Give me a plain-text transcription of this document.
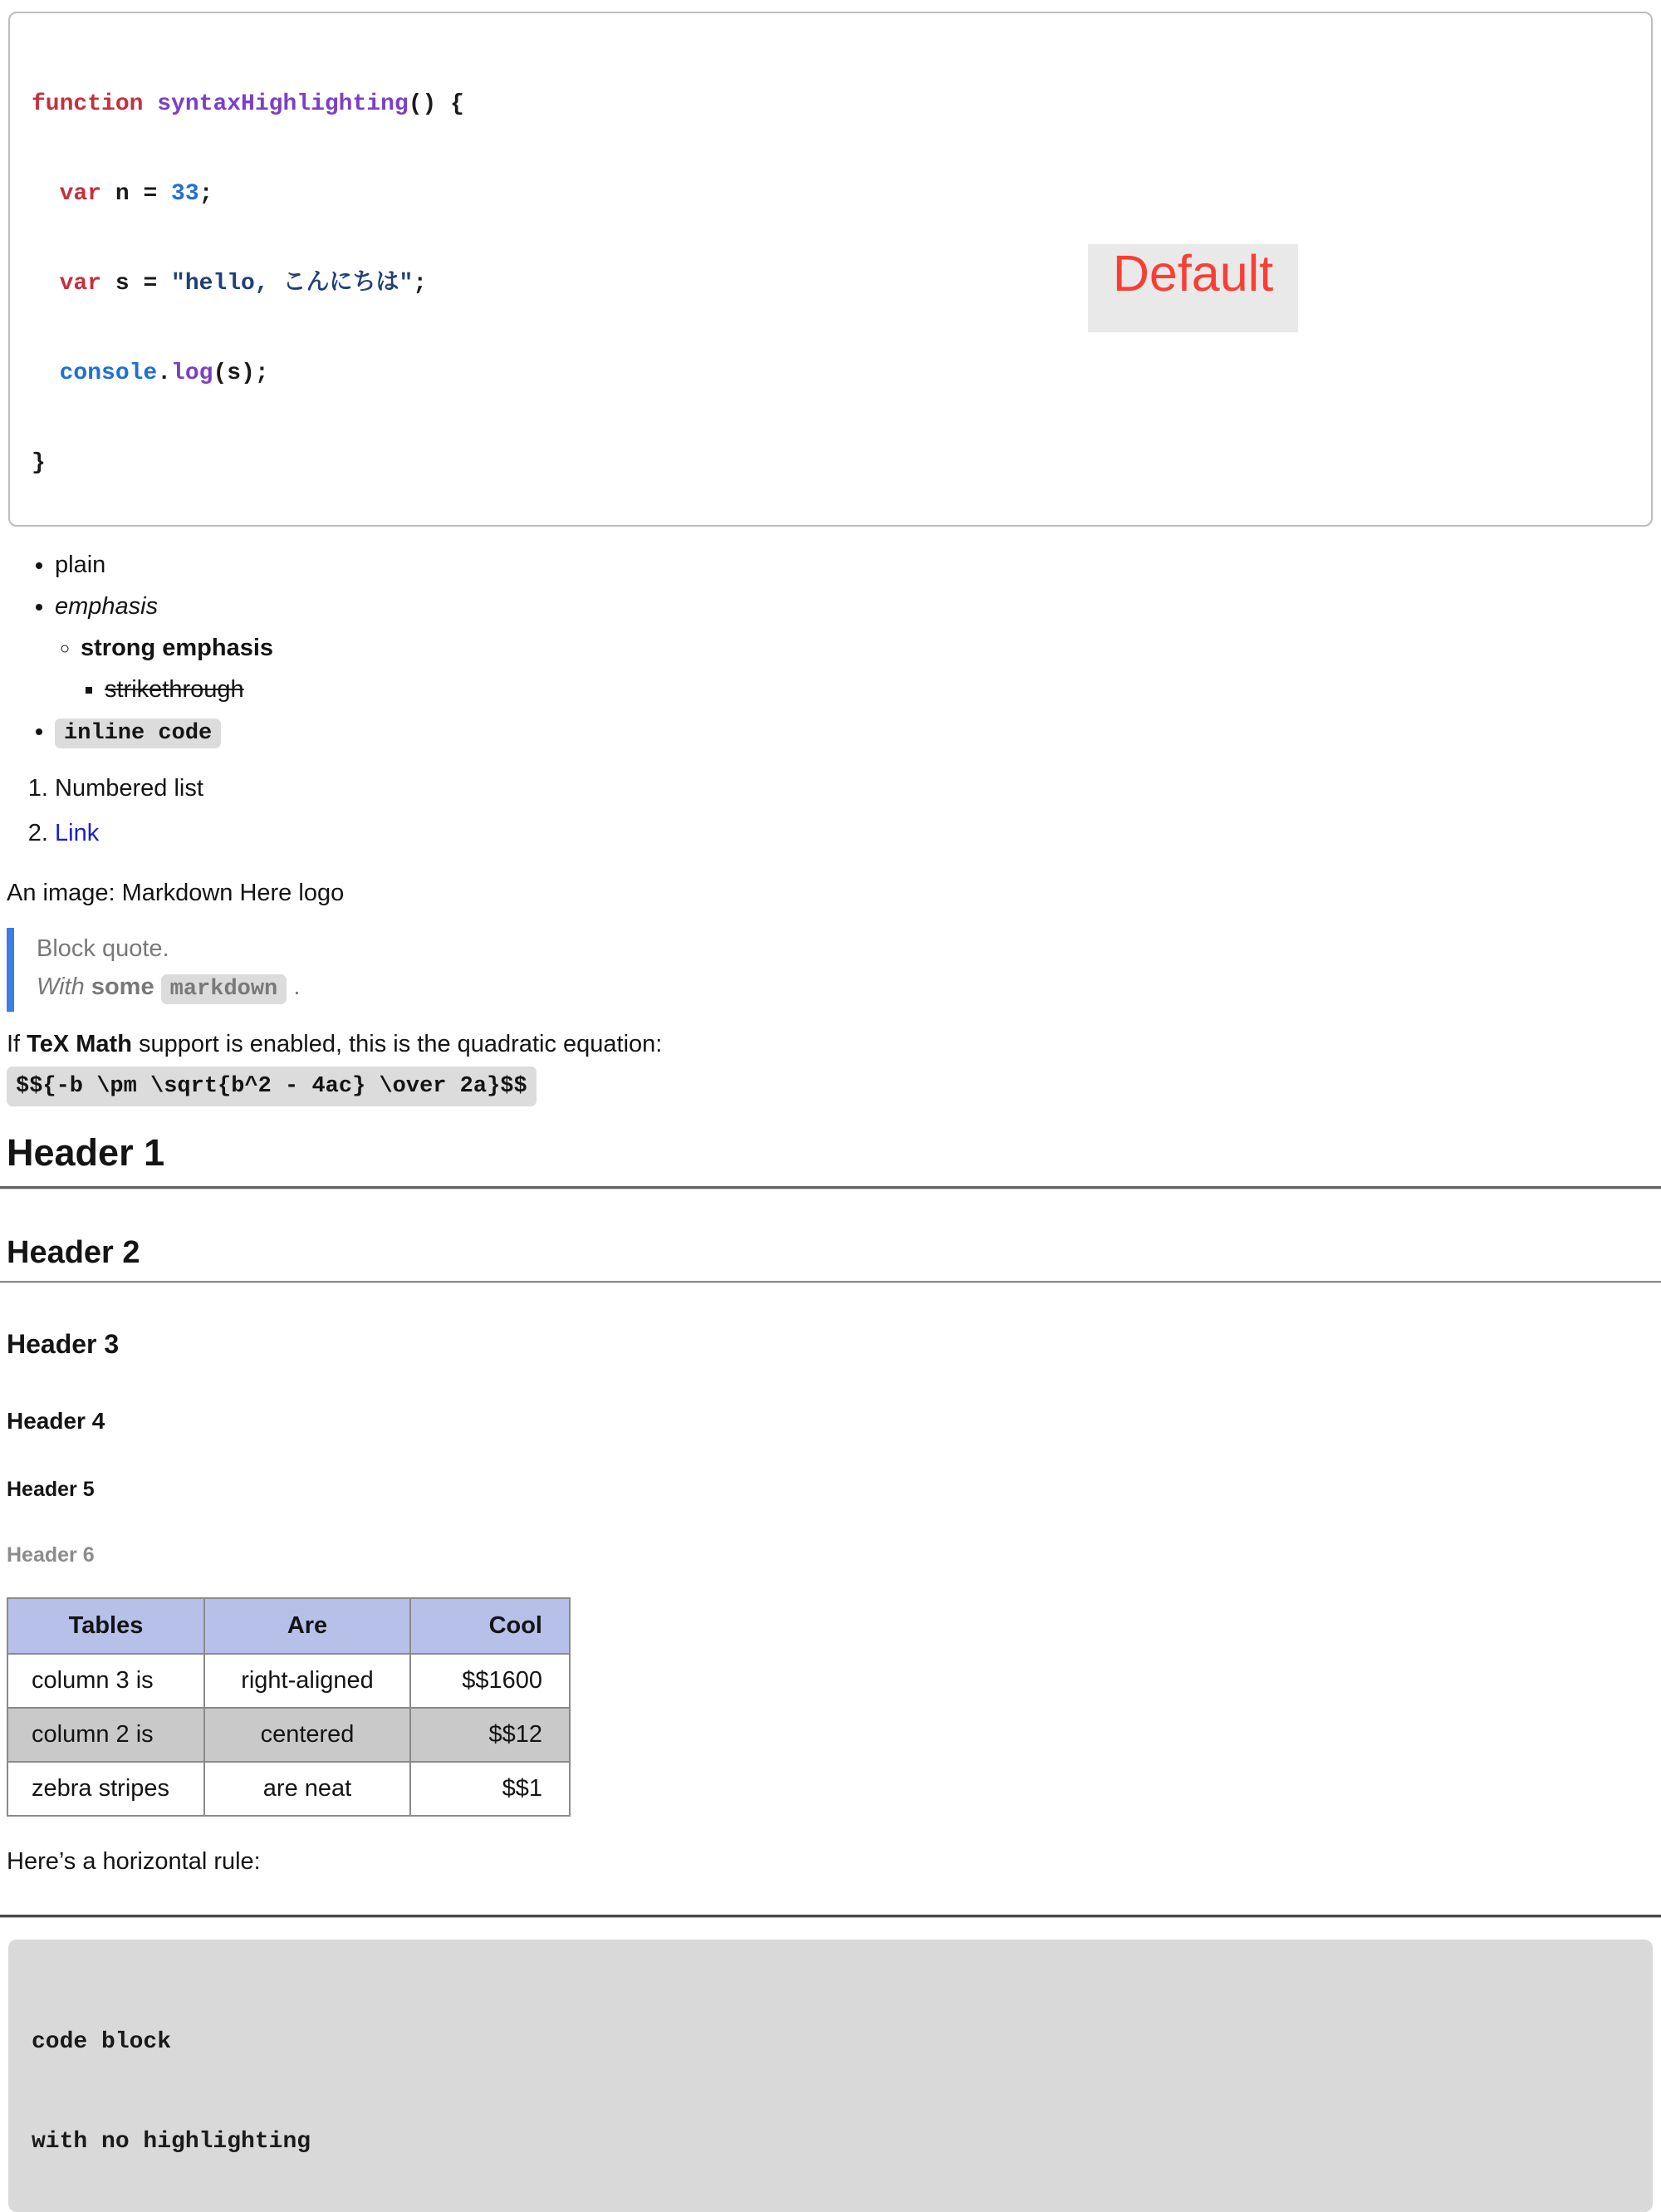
function syntaxHighlighting() {

var n = 33;

var s = "hello, こんにちは";

console.log(s);

}

Default
• plain
• emphasis
◦ strong emphasis
▪ strikethrough
• inline code
1. Numbered list
2. Link

An image: Markdown Here logo

Block quote.
With some markdown .

If TeX Math support is enabled, this is the quadratic equation:
$${-b \pm \sqrt{b^2 - 4ac} \over 2a}$$

Header 1
Header 2
Header 3
Header 4
Header 5
Header 6
Tables	Are	Cool
column 3 is	right-aligned	$$1600
column 2 is	centered	$$12
zebra stripes	are neat	$$1

Here’s a horizontal rule:

code block

with no highlighting
